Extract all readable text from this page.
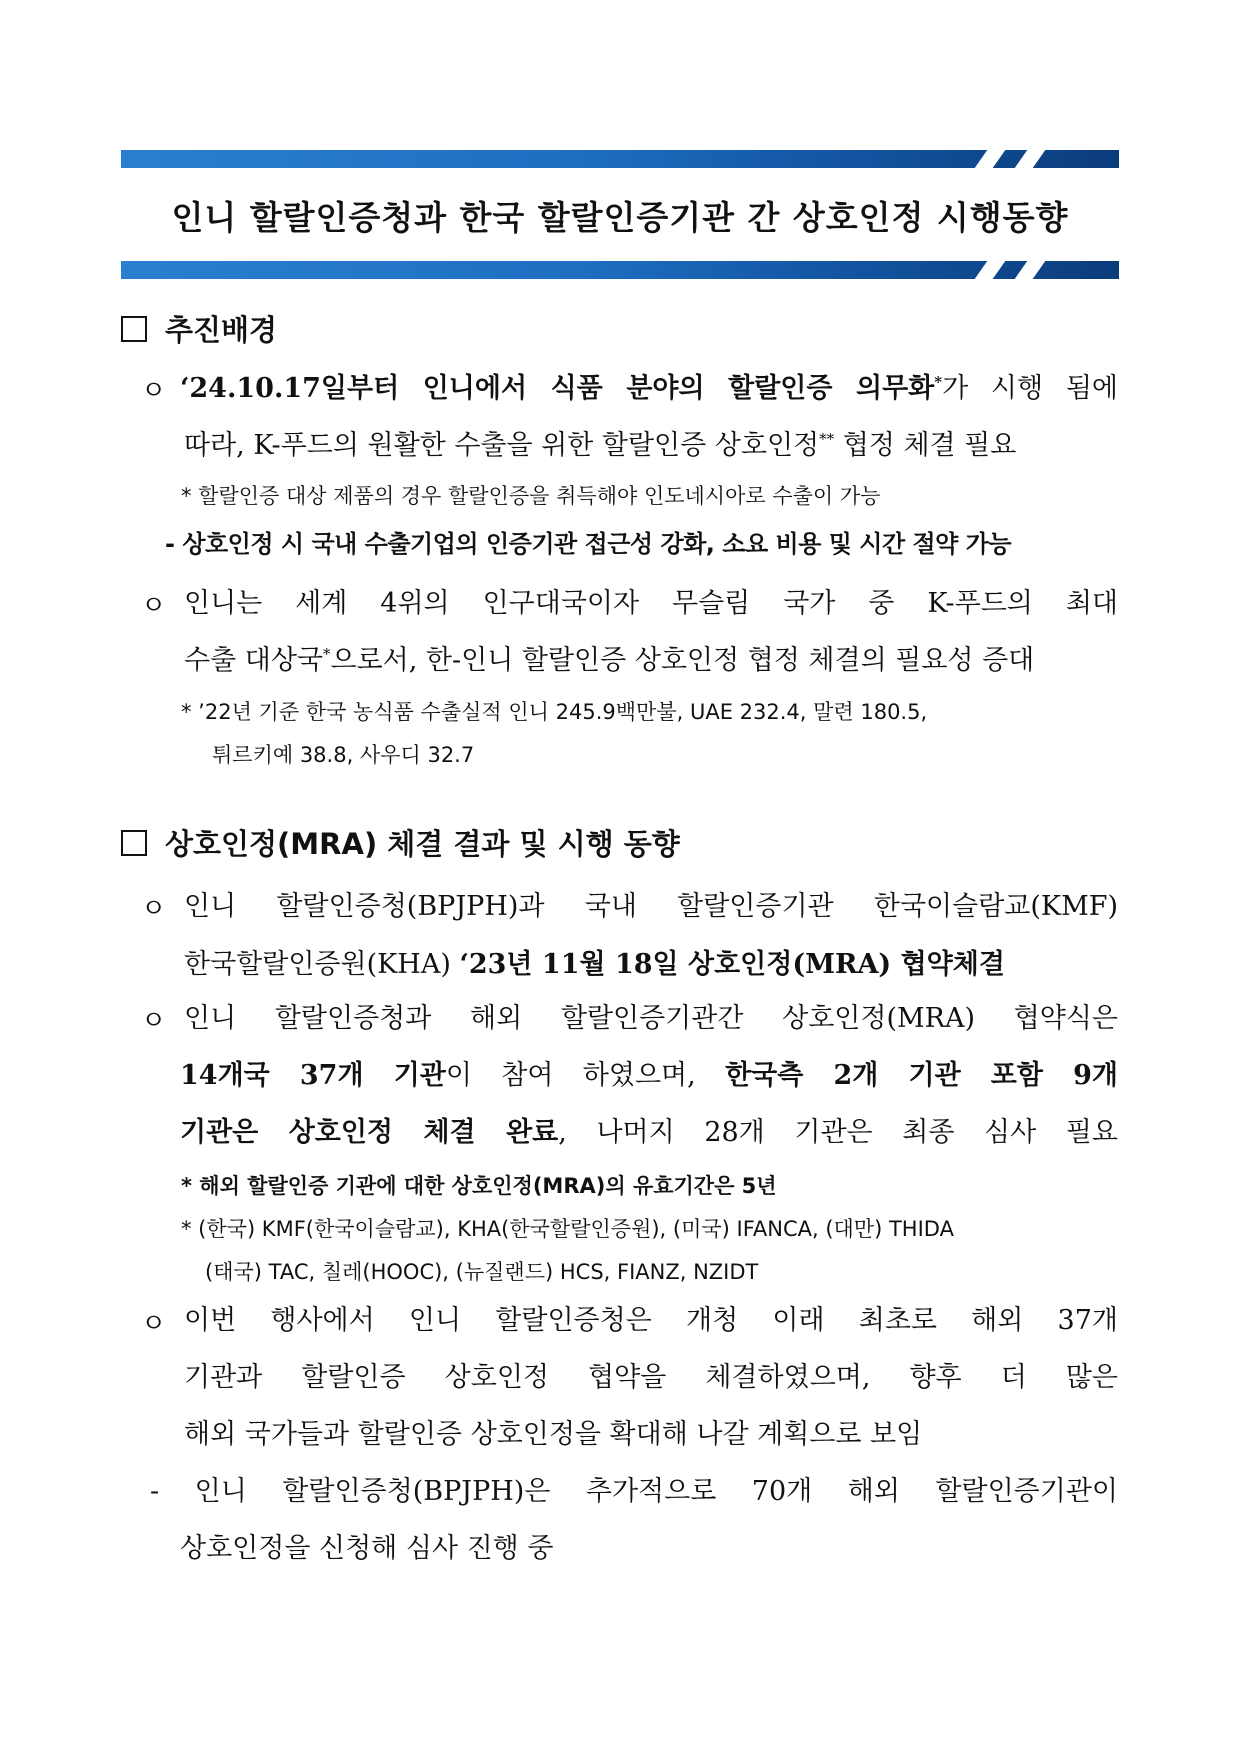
인니 할랄인증청과 한국 할랄인증기관 간 상호인정 시행동향
추진배경
ㅇ ‘24.10.17일부터 인니에서 식품 분야의 할랄인증 의무화*가 시행 됨에
따라, K-푸드의 원활한 수출을 위한 할랄인증 상호인정** 협정 체결 필요
* 할랄인증 대상 제품의 경우 할랄인증을 취득해야 인도네시아로 수출이 가능
- 상호인정 시 국내 수출기업의 인증기관 접근성 강화, 소요 비용 및 시간 절약 가능
ㅇ 인니는 세계 4위의 인구대국이자 무슬림 국가 중 K-푸드의 최대
수출 대상국*으로서, 한-인니 할랄인증 상호인정 협정 체결의 필요성 증대
* ’22년 기준 한국 농식품 수출실적 인니 245.9백만불, UAE 232.4, 말련 180.5,
튀르키예 38.8, 사우디 32.7
상호인정(MRA) 체결 결과 및 시행 동향
ㅇ 인니 할랄인증청(BPJPH)과 국내 할랄인증기관 한국이슬람교(KMF)
한국할랄인증원(KHA) ‘23년 11월 18일 상호인정(MRA) 협약체결
ㅇ 인니 할랄인증청과 해외 할랄인증기관간 상호인정(MRA) 협약식은
14개국 37개 기관이 참여 하였으며, 한국측 2개 기관 포함 9개
기관은 상호인정 체결 완료, 나머지 28개 기관은 최종 심사 필요
* 해외 할랄인증 기관에 대한 상호인정(MRA)의 유효기간은 5년
* (한국) KMF(한국이슬람교), KHA(한국할랄인증원), (미국) IFANCA, (대만) THIDA
(태국) TAC, 칠레(HOOC), (뉴질랜드) HCS, FIANZ, NZIDT
ㅇ 이번 행사에서 인니 할랄인증청은 개청 이래 최초로 해외 37개
기관과 할랄인증 상호인정 협약을 체결하였으며, 향후 더 많은
해외 국가들과 할랄인증 상호인정을 확대해 나갈 계획으로 보임
- 인니 할랄인증청(BPJPH)은 추가적으로 70개 해외 할랄인증기관이
상호인정을 신청해 심사 진행 중
